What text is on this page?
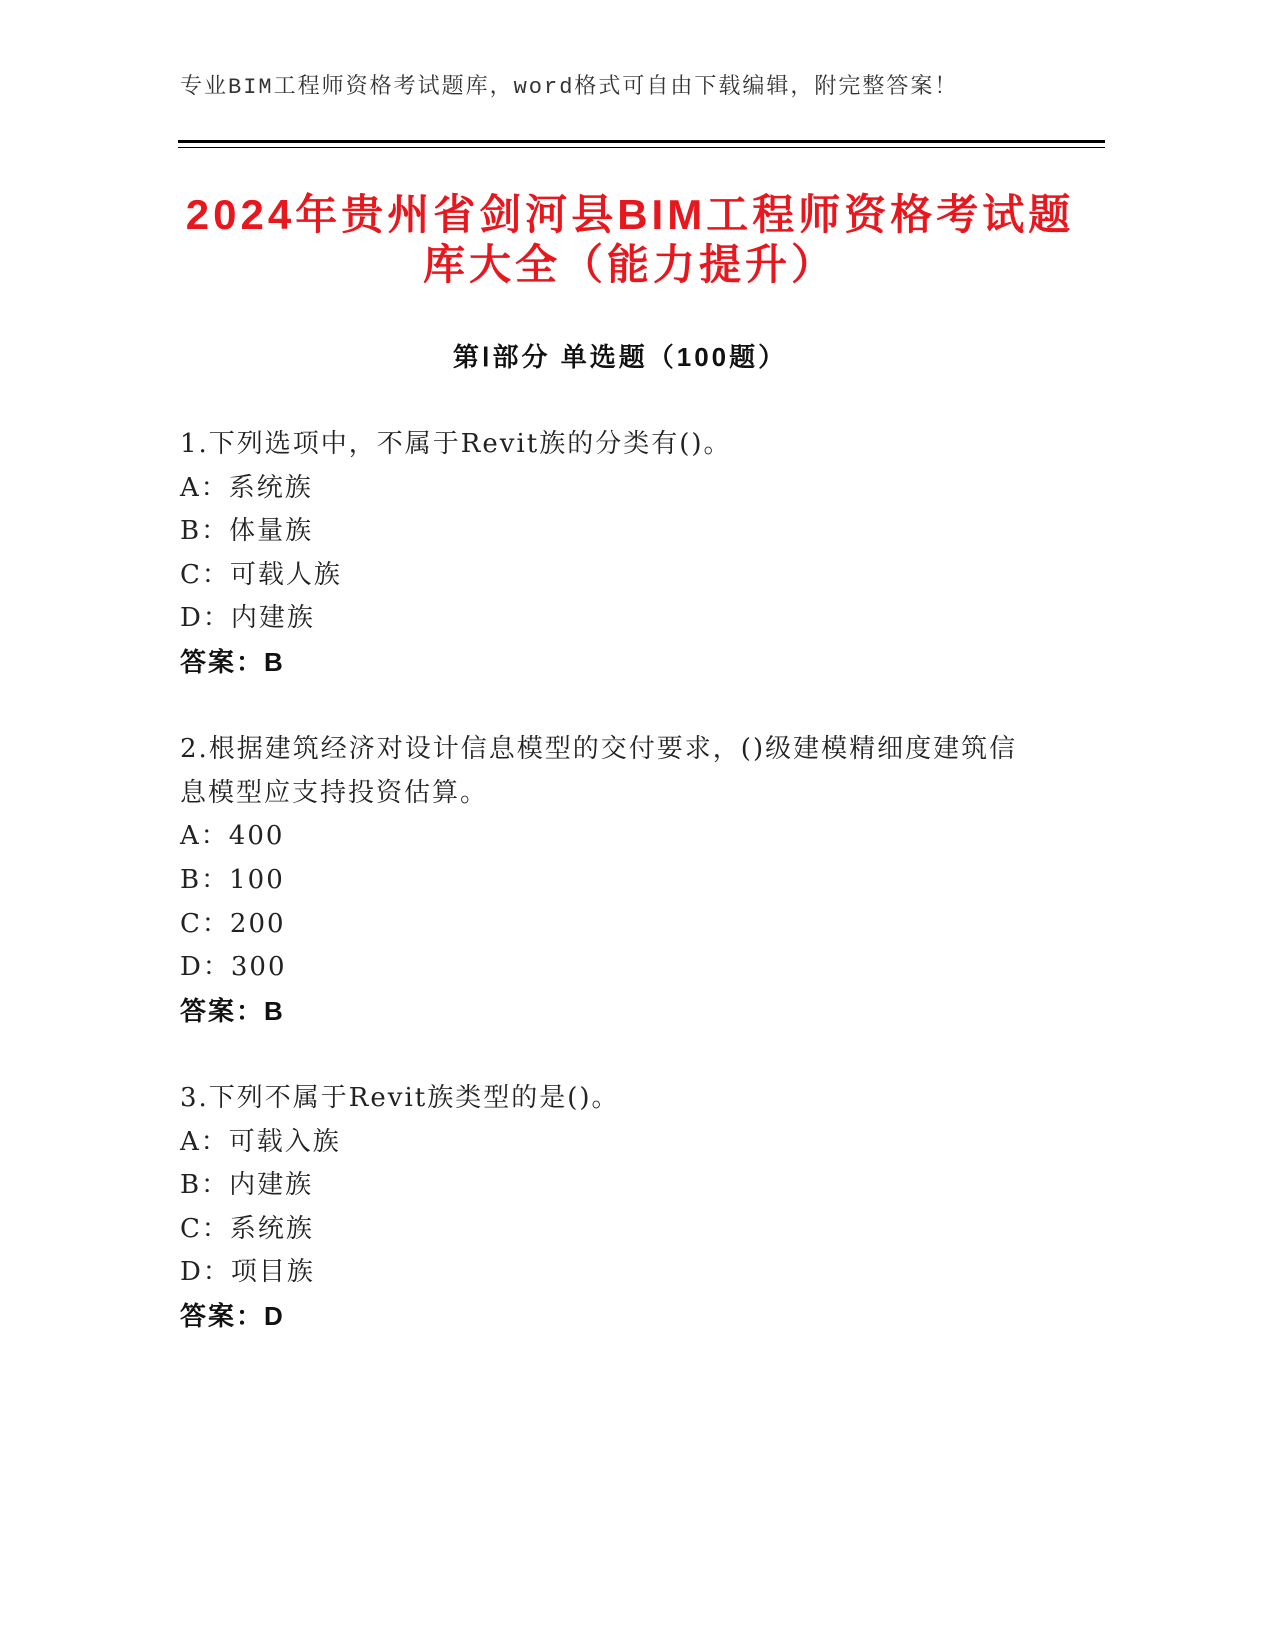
专业BIM工程师资格考试题库，word格式可自由下载编辑，附完整答案！
2024年贵州省剑河县BIM工程师资格考试题库大全（能力提升）
第Ⅰ部分 单选题（100题）
1.下列选项中，不属于Revit族的分类有()。
A：系统族
B：体量族
C：可载人族
D：内建族
答案：B
2.根据建筑经济对设计信息模型的交付要求，()级建模精细度建筑信息模型应支持投资估算。
A：400
B：100
C：200
D：300
答案：B
3.下列不属于Revit族类型的是()。
A：可载入族
B：内建族
C：系统族
D：项目族
答案：D
